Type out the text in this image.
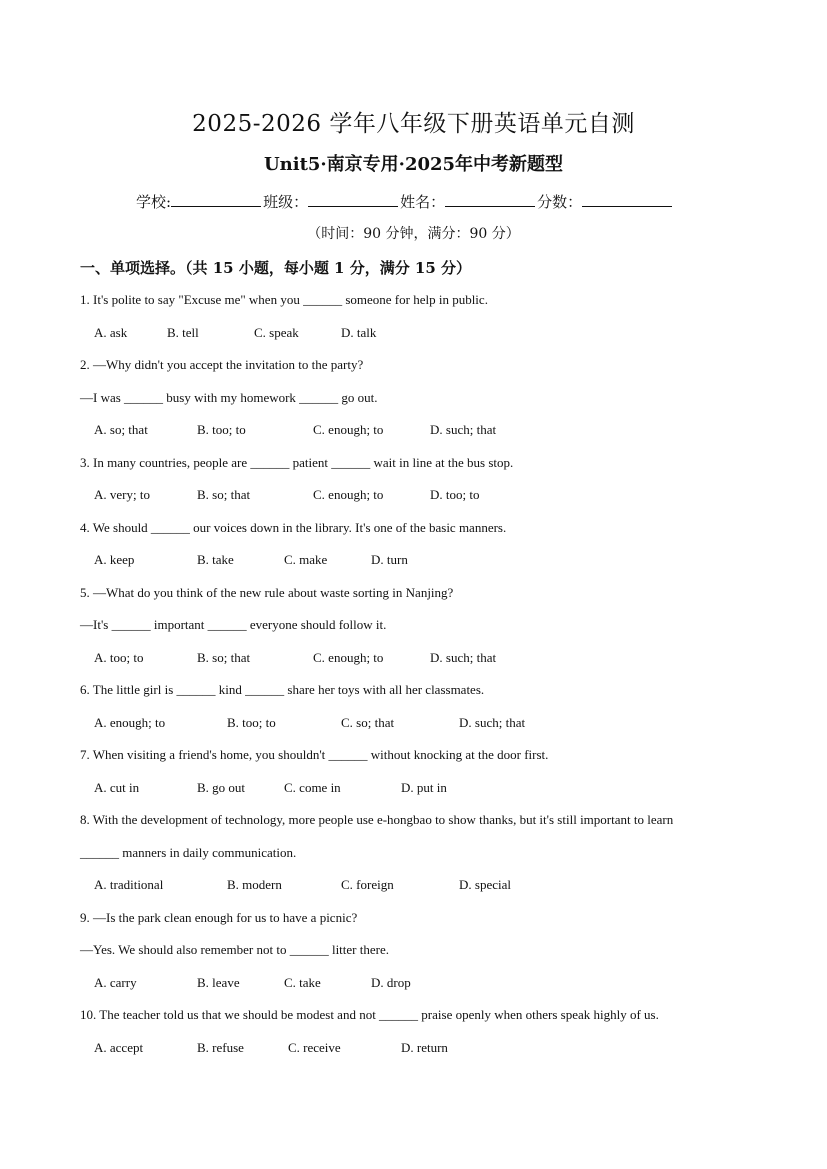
2025-2026 学年八年级下册英语单元自测
Unit5·南京专用·2025年中考新题型
学校:	班级：	姓名：	分数：
（时间：90 分钟，满分：90 分）
一、单项选择。（共 15 小题，每小题 1 分，满分 15 分）
1. It's polite to say "Excuse me" when you ______ someone for help in public.
A. ask	B. tell	C. speak	D. talk
2. —Why didn't you accept the invitation to the party?
—I was ______ busy with my homework ______ go out.
A. so; that	B. too; to	C. enough; to	D. such; that
3. In many countries, people are ______ patient ______ wait in line at the bus stop.
A. very; to	B. so; that	C. enough; to	D. too; to
4. We should ______ our voices down in the library. It's one of the basic manners.
A. keep	B. take	C. make	D. turn
5. —What do you think of the new rule about waste sorting in Nanjing?
—It's ______ important ______ everyone should follow it.
A. too; to	B. so; that	C. enough; to	D. such; that
6. The little girl is ______ kind ______ share her toys with all her classmates.
A. enough; to	B. too; to	C. so; that	D. such; that
7. When visiting a friend's home, you shouldn't ______ without knocking at the door first.
A. cut in	B. go out	C. come in	D. put in
8. With the development of technology, more people use e-hongbao to show thanks, but it's still important to learn
______ manners in daily communication.
A. traditional	B. modern	C. foreign	D. special
9. —Is the park clean enough for us to have a picnic?
—Yes. We should also remember not to ______ litter there.
A. carry	B. leave	C. take	D. drop
10. The teacher told us that we should be modest and not ______ praise openly when others speak highly of us.
A. accept	B. refuse	C. receive	D. return
